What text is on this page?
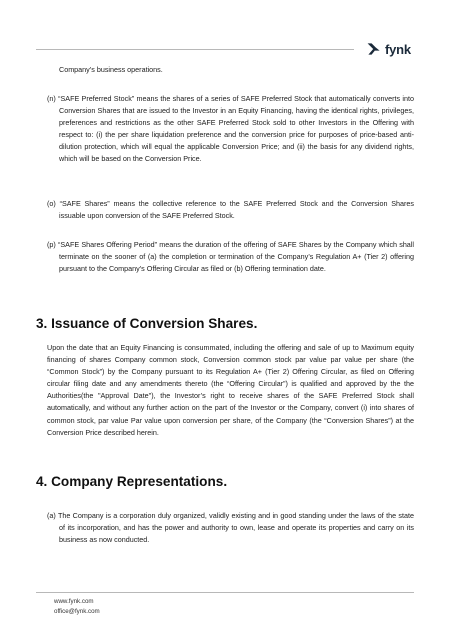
fynk
Company’s business operations.
(n) “SAFE Preferred Stock” means the shares of a series of SAFE Preferred Stock that automatically converts into Conversion Shares that are issued to the Investor in an Equity Financing, having the identical rights, privileges, preferences and restrictions as the other SAFE Preferred Stock sold to other Investors in the Offering with respect to: (i) the per share liquidation preference and the conversion price for purposes of price-based anti-dilution protection, which will equal the applicable Conversion Price; and (ii) the basis for any dividend rights, which will be based on the Conversion Price.
(o) “SAFE Shares” means the collective reference to the SAFE Preferred Stock and the Conversion Shares issuable upon conversion of the SAFE Preferred Stock.
(p) “SAFE Shares Offering Period” means the duration of the offering of SAFE Shares by the Company which shall terminate on the sooner of (a) the completion or termination of the Company’s Regulation A+ (Tier 2) offering pursuant to the Company’s Offering Circular as filed or (b) Offering termination date.
3. Issuance of Conversion Shares.
Upon the date that an Equity Financing is consummated, including the offering and sale of up to Maximum equity financing of shares Company common stock, Conversion common stock par value par value per share (the “Common Stock”) by the Company pursuant to its Regulation A+ (Tier 2) Offering Circular, as filed on Offering circular filing date and any amendments thereto (the “Offering Circular”) is qualified and approved by the the Authorities(the "Approval Date"), the Investor’s right to receive shares of the SAFE Preferred Stock shall automatically, and without any further action on the part of the Investor or the Company, convert (i) into shares of common stock, par value Par value upon conversion per share, of the Company (the “Conversion Shares”) at the Conversion Price described herein.
4. Company Representations.
(a) The Company is a corporation duly organized, validly existing and in good standing under the laws of the state of its incorporation, and has the power and authority to own, lease and operate its properties and carry on its business as now conducted.
www.fynk.com
office@fynk.com
